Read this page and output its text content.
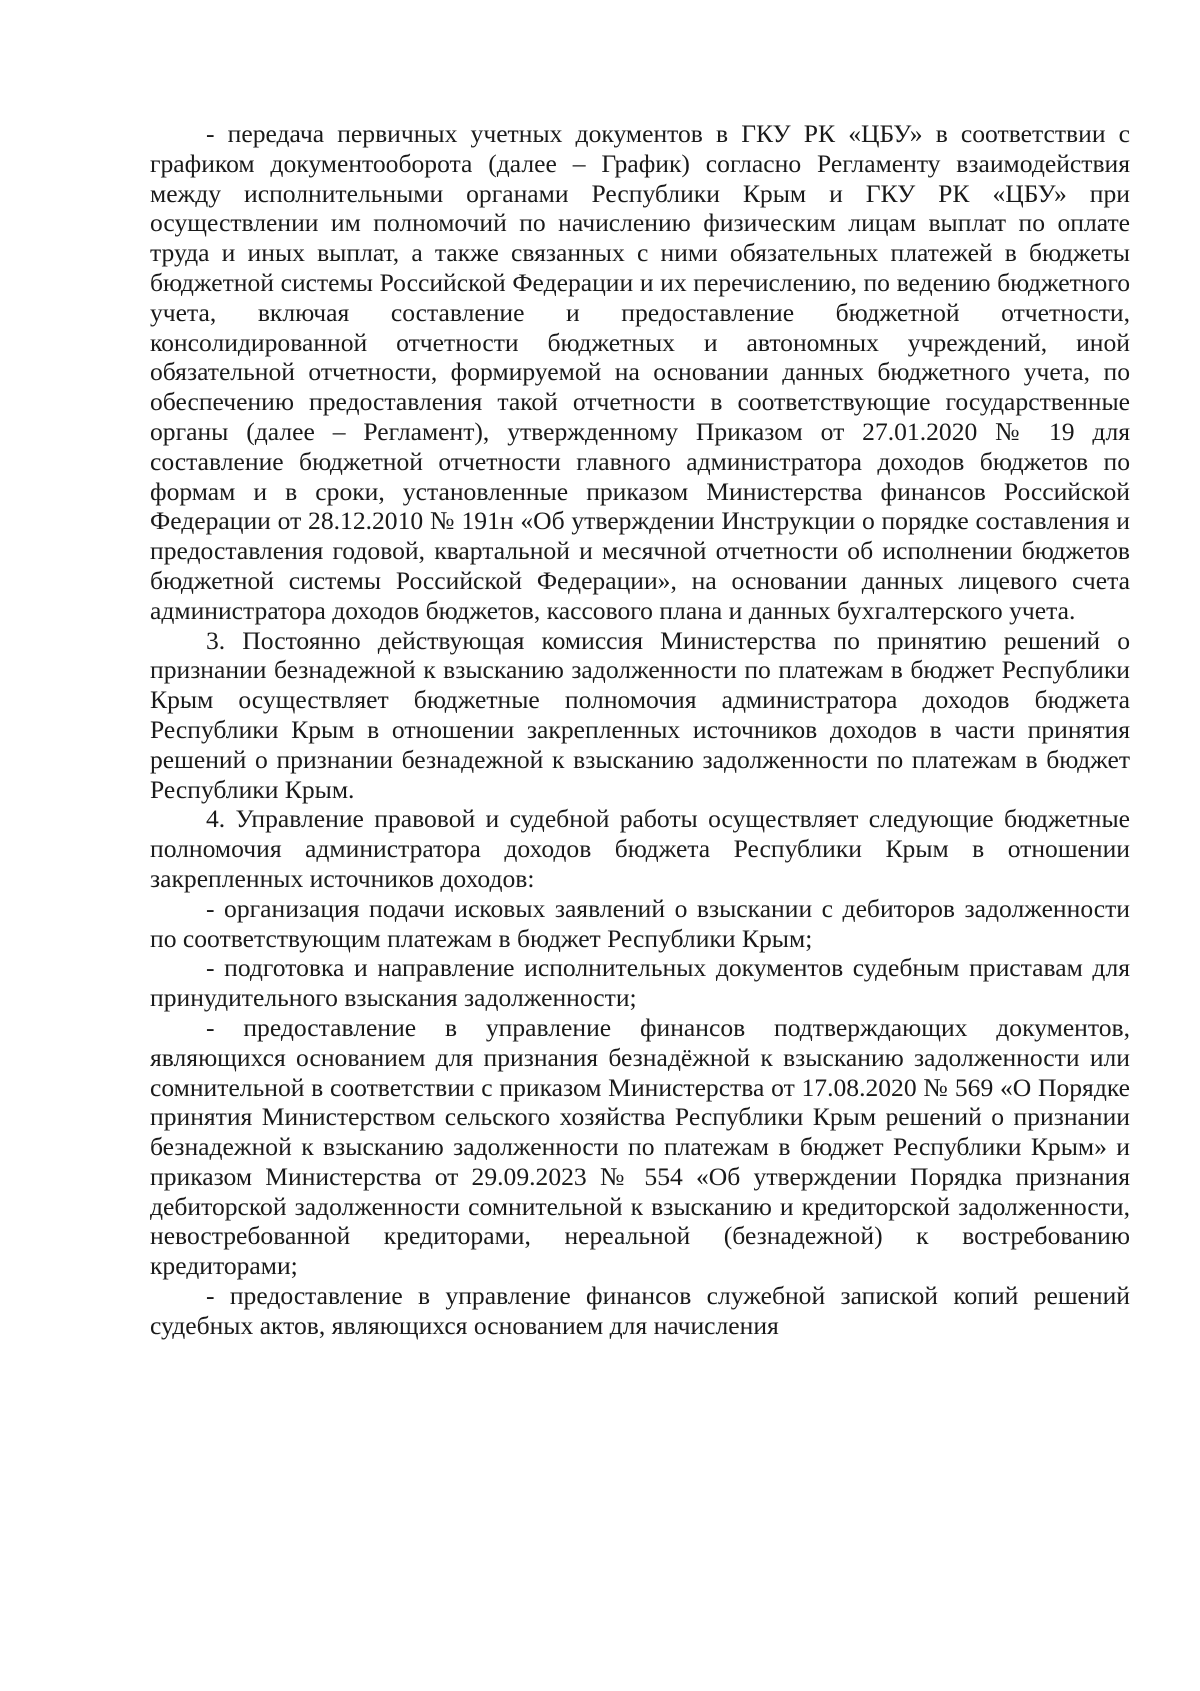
- передача первичных учетных документов в ГКУ РК «ЦБУ» в соответствии с графиком документооборота (далее – График) согласно Регламенту взаимодействия между исполнительными органами Республики Крым и ГКУ РК «ЦБУ» при осуществлении им полномочий по начислению физическим лицам выплат по оплате труда и иных выплат, а также связанных с ними обязательных платежей в бюджеты бюджетной системы Российской Федерации и их перечислению, по ведению бюджетного учета, включая составление и предоставление бюджетной отчетности, консолидированной отчетности бюджетных и автономных учреждений, иной обязательной отчетности, формируемой на основании данных бюджетного учета, по обеспечению предоставления такой отчетности в соответствующие государственные органы (далее – Регламент), утвержденному Приказом от 27.01.2020 № 19 для составление бюджетной отчетности главного администратора доходов бюджетов по формам и в сроки, установленные приказом Министерства финансов Российской Федерации от 28.12.2010 № 191н «Об утверждении Инструкции о порядке составления и предоставления годовой, квартальной и месячной отчетности об исполнении бюджетов бюджетной системы Российской Федерации», на основании данных лицевого счета администратора доходов бюджетов, кассового плана и данных бухгалтерского учета.

3. Постоянно действующая комиссия Министерства по принятию решений о признании безнадежной к взысканию задолженности по платежам в бюджет Республики Крым осуществляет бюджетные полномочия администратора доходов бюджета Республики Крым в отношении закрепленных источников доходов в части принятия решений о признании безнадежной к взысканию задолженности по платежам в бюджет Республики Крым.

4. Управление правовой и судебной работы осуществляет следующие бюджетные полномочия администратора доходов бюджета Республики Крым в отношении закрепленных источников доходов:

- организация подачи исковых заявлений о взыскании с дебиторов задолженности по соответствующим платежам в бюджет Республики Крым;

- подготовка и направление исполнительных документов судебным приставам для принудительного взыскания задолженности;

- предоставление в управление финансов подтверждающих документов, являющихся основанием для признания безнадёжной к взысканию задолженности или сомнительной в соответствии с приказом Министерства от 17.08.2020 № 569 «О Порядке принятия Министерством сельского хозяйства Республики Крым решений о признании безнадежной к взысканию задолженности по платежам в бюджет Республики Крым» и приказом Министерства от 29.09.2023 № 554 «Об утверждении Порядка признания дебиторской задолженности сомнительной к взысканию и кредиторской задолженности, невостребованной кредиторами, нереальной (безнадежной) к востребованию кредиторами;

- предоставление в управление финансов служебной запиской копий решений судебных актов, являющихся основанием для начисления
